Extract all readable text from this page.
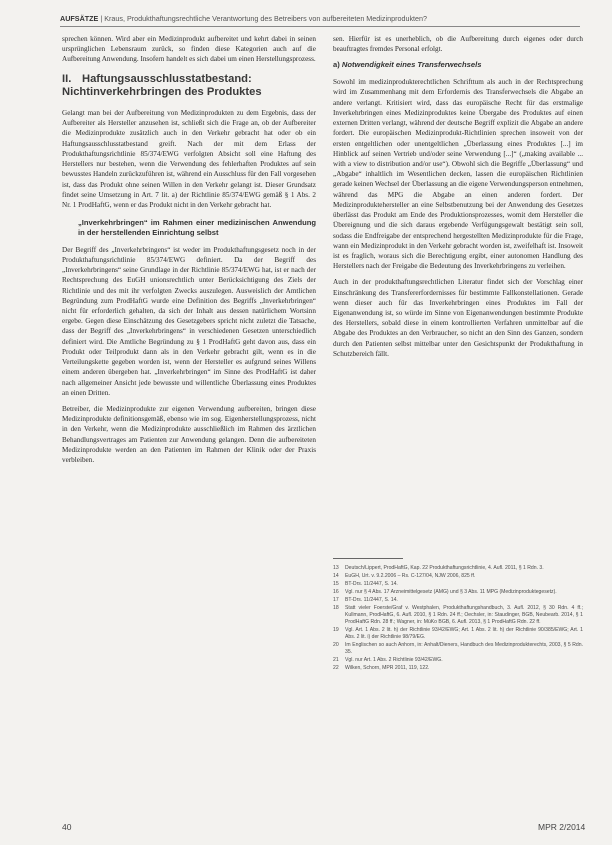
AUFSÄTZE | Kraus, Produkthaftungsrechtliche Verantwortung des Betreibers von aufbereiteten Medizinprodukten?

sprechen können. Wird aber ein Medizinprodukt aufbereitet und kehrt dabei in seinen ursprünglichen Lebensraum zurück, so finden diese Kategorien auch auf die Aufbereitung Anwendung. Insofern handelt es sich dabei um einen Herstellungsprozess.

II. Haftungsausschlusstatbestand: Nichtinverkehrbringen des Produktes

Gelangt man bei der Aufbereitung von Medizinprodukten zu dem Ergebnis, dass der Aufbereiter als Hersteller anzusehen ist, schließt sich die Frage an, ob der Aufbereiter die Medizinprodukte zusätzlich auch in den Verkehr gebracht hat oder ob ein Haftungsausschlusstatbestand greift. Nach der mit dem Erlass der Produkthaftungsrichtlinie 85/374/EWG verfolgten Absicht soll eine Haftung des Herstellers nur bestehen, wenn die Verwendung des fehlerhaften Produktes auf sein bewusstes Handeln zurückzuführen ist, während ein Ausschluss für den Fall vorgesehen ist, dass das Produkt ohne seinen Willen in den Verkehr gelangt ist. Dieser Grundsatz findet seine Umsetzung in Art. 7 lit. a) der Richtlinie 85/374/EWG gemäß § 1 Abs. 2 Nr. 1 ProdHaftG, wenn er das Produkt nicht in den Verkehr gebracht hat.

„Inverkehrbringen“ im Rahmen einer medizinischen Anwendung in der herstellenden Einrichtung selbst

Der Begriff des „Inverkehrbringens“ ist weder im Produkthaftungsgesetz noch in der Produkthaftungsrichtlinie 85/374/EWG definiert. Da der Begriff des „Inverkehrbringens“ seine Grundlage in der Richtlinie 85/374/EWG hat, ist er nach der Rechtsprechung des EuGH unionsrechtlich unter Berücksichtigung des Ziels der Richtlinie und des mit ihr verfolgten Zwecks auszulegen. Ausweislich der Amtlichen Begründung zum ProdHaftG wurde eine Definition des Begriffs „Inverkehrbringen“ nicht für erforderlich gehalten, da sich der Inhalt aus dessen natürlichem Wortsinn ergebe. Gegen diese Einschätzung des Gesetzgebers spricht nicht zuletzt die Tatsache, dass der Begriff des „Inverkehrbringens“ in verschiedenen Gesetzen unterschiedlich definiert wird. Die Amtliche Begründung zu § 1 ProdHaftG geht davon aus, dass ein Produkt oder Teilprodukt dann als in den Verkehr gebracht gilt, wenn es in die Verteilungskette gegeben worden ist, wenn der Hersteller es aufgrund seines Willens einem anderen übergeben hat. „Inverkehrbringen“ im Sinne des ProdHaftG ist daher nach allgemeiner Ansicht jede bewusste und willentliche Überlassung eines Produktes an einen Dritten.

Betreiber, die Medizinprodukte zur eigenen Verwendung aufbereiten, bringen diese Medizinprodukte definitionsgemäß, ebenso wie im sog. Eigenherstellungsprozess, nicht in den Verkehr, wenn die Medizinprodukte ausschließlich im Rahmen des ärztlichen Behandlungsvertrages am Patienten zur Anwendung gelangen. Denn die aufbereiteten Medizinprodukte werden an den Patienten im Rahmen der Klinik oder der Praxis verbleiben.

sen. Hierfür ist es unerheblich, ob die Aufbereitung durch eigenes oder durch beauftragtes fremdes Personal erfolgt.

a) Notwendigkeit eines Transferwechsels

Sowohl im medizinprodukterechtlichen Schrifttum als auch in der Rechtsprechung wird im Zusammenhang mit dem Erfordernis des Transferwechsels die Abgabe an andere verlangt. Kritisiert wird, dass das europäische Recht für das erstmalige Inverkehrbringen eines Medizinproduktes keine Übergabe des Produktes auf einen externen Dritten verlangt, während der deutsche Begriff explizit die Abgabe an andere fordert. Die europäischen Medizinprodukt-Richtlinien sprechen insoweit von der ersten entgeltlichen oder unentgeltlichen „Überlassung eines Produktes [...] im Hinblick auf seinen Vertrieb und/oder seine Verwendung [...]“ („making available ... with a view to distribution and/or use“). Obwohl sich die Begriffe „Überlassung“ und „Abgabe“ inhaltlich im Wesentlichen decken, lassen die europäischen Richtlinien gerade keinen Wechsel der Überlassung an die eigene Verwendungsperson entnehmen, während das MPG die Abgabe an einen anderen fordert. Der Medizinproduktehersteller an eine Selbstbenutzung bei der Anwendung des Gesetzes überlässt das Produkt am Ende des Produktionsprozesses, womit dem Hersteller die Übereignung und die sich daraus ergebende Verfügungsgewalt bestätigt sein soll, sodass die Endfreigabe der entsprechend hergestellten Medizinprodukte für die Frage, wann ein Medizinprodukt in den Verkehr gebracht worden ist, zweifelhaft ist. Insoweit ist es fraglich, woraus sich die Berechtigung ergibt, einer autonomen Handlung des Herstellers nach der Freigabe die Bedeutung des Inverkehrbringens zu verleihen.

Auch in der produkthaftungsrechtlichen Literatur findet sich der Vorschlag einer Einschränkung des Transfererfordernisses für bestimmte Fallkonstellationen. Gerade wenn dieser auch für das Inverkehrbringen eines Produktes im Fall der Eigenanwendung ist, so würde im Sinne von Eigenanwendungen bestimmte Produkte des Herstellers, sobald diese in einem kontrollierten Verfahren unmittelbar auf die Abgabe des Produktes an den Verbraucher, so nicht an den Sinn des Ganzen, sondern durch den Patienten selbst mittelbar unter den Gesichtspunkt der Produkthaftung in Schutzbereich fällt.

13	Deutsch/Lippert, ProdHaftG, Kap. 22 Produkthaftungsrichtlinie, 4. Aufl. 2011, § 1 Rdn. 3.
14	EuGH, Urt. v. 9.2.2006 – Rs. C-127/04, NJW 2006, 825 ff.
15	BT-Drs. 11/2447, S. 14.
16	Vgl. nur § 4 Abs. 17 Arzneimittelgesetz (AMG) und § 3 Abs. 11 MPG (Medizinproduktegesetz).
17	BT-Drs. 11/2447, S. 14.
18	Statt vieler Foerste/Graf v. Westphalen, Produkthaftungshandbuch, 3. Aufl. 2012, § 30 Rdn. 4 ff.; Kullmann, ProdHaftG, 6. Aufl. 2010, § 1 Rdn. 24 ff.; Oechsler, in: Staudinger, BGB, Neubearb. 2014, § 1 ProdHaftG Rdn. 28 ff.; Wagner, in: MüKo BGB, 6. Aufl. 2013, § 1 ProdHaftG Rdn. 22 ff.
19	Vgl. Art. 1 Abs. 2 lit. h) der Richtlinie 93/42/EWG; Art. 1 Abs. 2 lit. h) der Richtlinie 90/385/EWG; Art. 1 Abs. 2 lit. i) der Richtlinie 98/79/EG.
20	Im Englischen so auch Anhorn, in: Anhalt/Dieners, Handbuch des Medizinprodukterechts, 2003, § 5 Rdn. 35.
21	Vgl. nur Art. 1 Abs. 2 Richtlinie 93/42/EWG.
22	Wilken, Schorn, MPR 2011, 119, 122.
40	MPR 2/2014
